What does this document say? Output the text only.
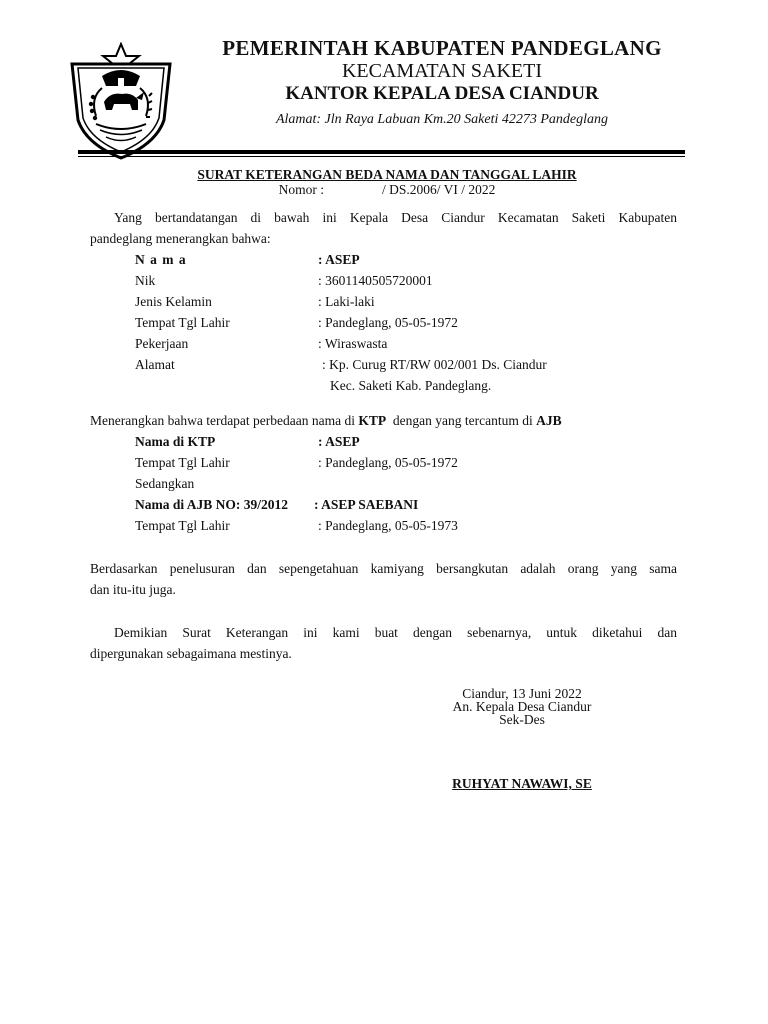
PEMERINTAH KABUPATEN PANDEGLANG
KECAMATAN SAKETI
KANTOR KEPALA DESA CIANDUR
Alamat: Jln Raya Labuan Km.20 Saketi 42273 Pandeglang
SURAT KETERANGAN BEDA NAMA DAN TANGGAL LAHIR
Nomor :	/ DS.2006/ VI / 2022
Yang bertandatangan di bawah ini Kepala Desa Ciandur Kecamatan Saketi Kabupaten
pandeglang menerangkan bahwa:
N a m a	: ASEP
Nik	: 3601140505720001
Jenis Kelamin	: Laki-laki
Tempat Tgl Lahir	: Pandeglang, 05-05-1972
Pekerjaan	: Wiraswasta
Alamat	: Kp. Curug RT/RW 002/001 Ds. Ciandur
Kec. Saketi Kab. Pandeglang.
Menerangkan bahwa terdapat perbedaan nama di KTP  dengan yang tercantum di AJB
Nama di KTP	: ASEP
Tempat Tgl Lahir	: Pandeglang, 05-05-1972
Sedangkan
Nama di AJB NO: 39/2012 : ASEP SAEBANI
Tempat Tgl Lahir	: Pandeglang, 05-05-1973
Berdasarkan penelusuran dan sepengetahuan kamiyang bersangkutan adalah orang yang sama
dan itu-itu juga.
Demikian Surat Keterangan ini kami buat dengan sebenarnya, untuk diketahui dan
dipergunakan sebagaimana mestinya.
Ciandur, 13 Juni 2022
An. Kepala Desa Ciandur
Sek-Des
RUHYAT NAWAWI, SE
